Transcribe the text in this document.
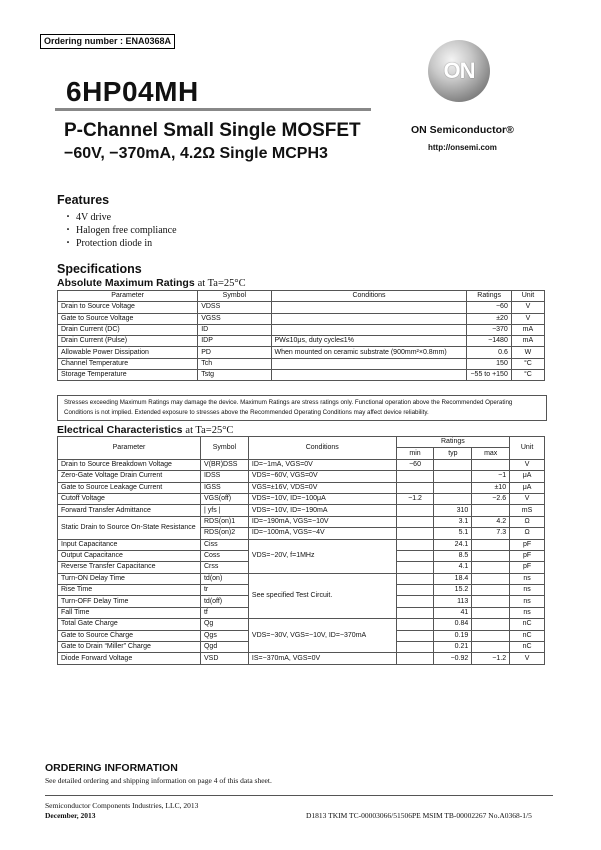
Ordering number : ENA0368A
6HP04MH
P-Channel Small Single MOSFET
−60V, −370mA, 4.2Ω Single MCPH3
ON
ON Semiconductor®
http://onsemi.com
Features
・ 4V drive
・ Halogen free compliance
・ Protection diode in
Specifications
Absolute Maximum Ratings at Ta=25°C
Parameter	Symbol	Conditions	Ratings	Unit
Drain to Source Voltage	VDSS		−60	V
Gate to Source Voltage	VGSS		±20	V
Drain Current (DC)	ID		−370	mA
Drain Current (Pulse)	IDP	PW≤10μs, duty cycle≤1%	−1480	mA
Allowable Power Dissipation	PD	When mounted on ceramic substrate (900mm²×0.8mm)	0.6	W
Channel Temperature	Tch		150	°C
Storage Temperature	Tstg		−55 to +150	°C
Stresses exceeding Maximum Ratings may damage the device. Maximum Ratings are stress ratings only. Functional operation above the Recommended Operating Conditions is not implied. Extended exposure to stresses above the Recommended Operating Conditions may affect device reliability.
Electrical Characteristics at Ta=25°C
Parameter	Symbol	Conditions	Ratings			Unit
			min	typ	max	
Drain to Source Breakdown Voltage	V(BR)DSS	ID=−1mA, VGS=0V	−60			V
Zero-Gate Voltage Drain Current	IDSS	VDS=−60V, VGS=0V			−1	μA
Gate to Source Leakage Current	IGSS	VGS=±16V, VDS=0V			±10	μA
Cutoff Voltage	VGS(off)	VDS=−10V, ID=−100μA	−1.2		−2.6	V
Forward Transfer Admittance	| yfs |	VDS=−10V, ID=−190mA		310		mS
Static Drain to Source On-State Resistance	RDS(on)1	ID=−190mA, VGS=−10V		3.1	4.2	Ω
	RDS(on)2	ID=−100mA, VGS=−4V		5.1	7.3	Ω
Input Capacitance	Ciss	VDS=−20V, f=1MHz		24.1		pF
Output Capacitance	Coss			8.5		pF
Reverse Transfer Capacitance	Crss			4.1		pF
Turn-ON Delay Time	td(on)	See specified Test Circuit.		18.4		ns
Rise Time	tr			15.2		ns
Turn-OFF Delay Time	td(off)			113		ns
Fall Time	tf			41		ns
Total Gate Charge	Qg	VDS=−30V, VGS=−10V, ID=−370mA		0.84		nC
Gate to Source Charge	Qgs			0.19		nC
Gate to Drain “Miller” Charge	Qgd			0.21		nC
Diode Forward Voltage	VSD	IS=−370mA, VGS=0V		−0.92	−1.2	V
ORDERING INFORMATION
See detailed ordering and shipping information on page 4 of this data sheet.
Semiconductor Components Industries, LLC, 2013
December, 2013	D1813 TKIM TC-00003066/51506PE MSIM TB-00002267 No.A0368-1/5
